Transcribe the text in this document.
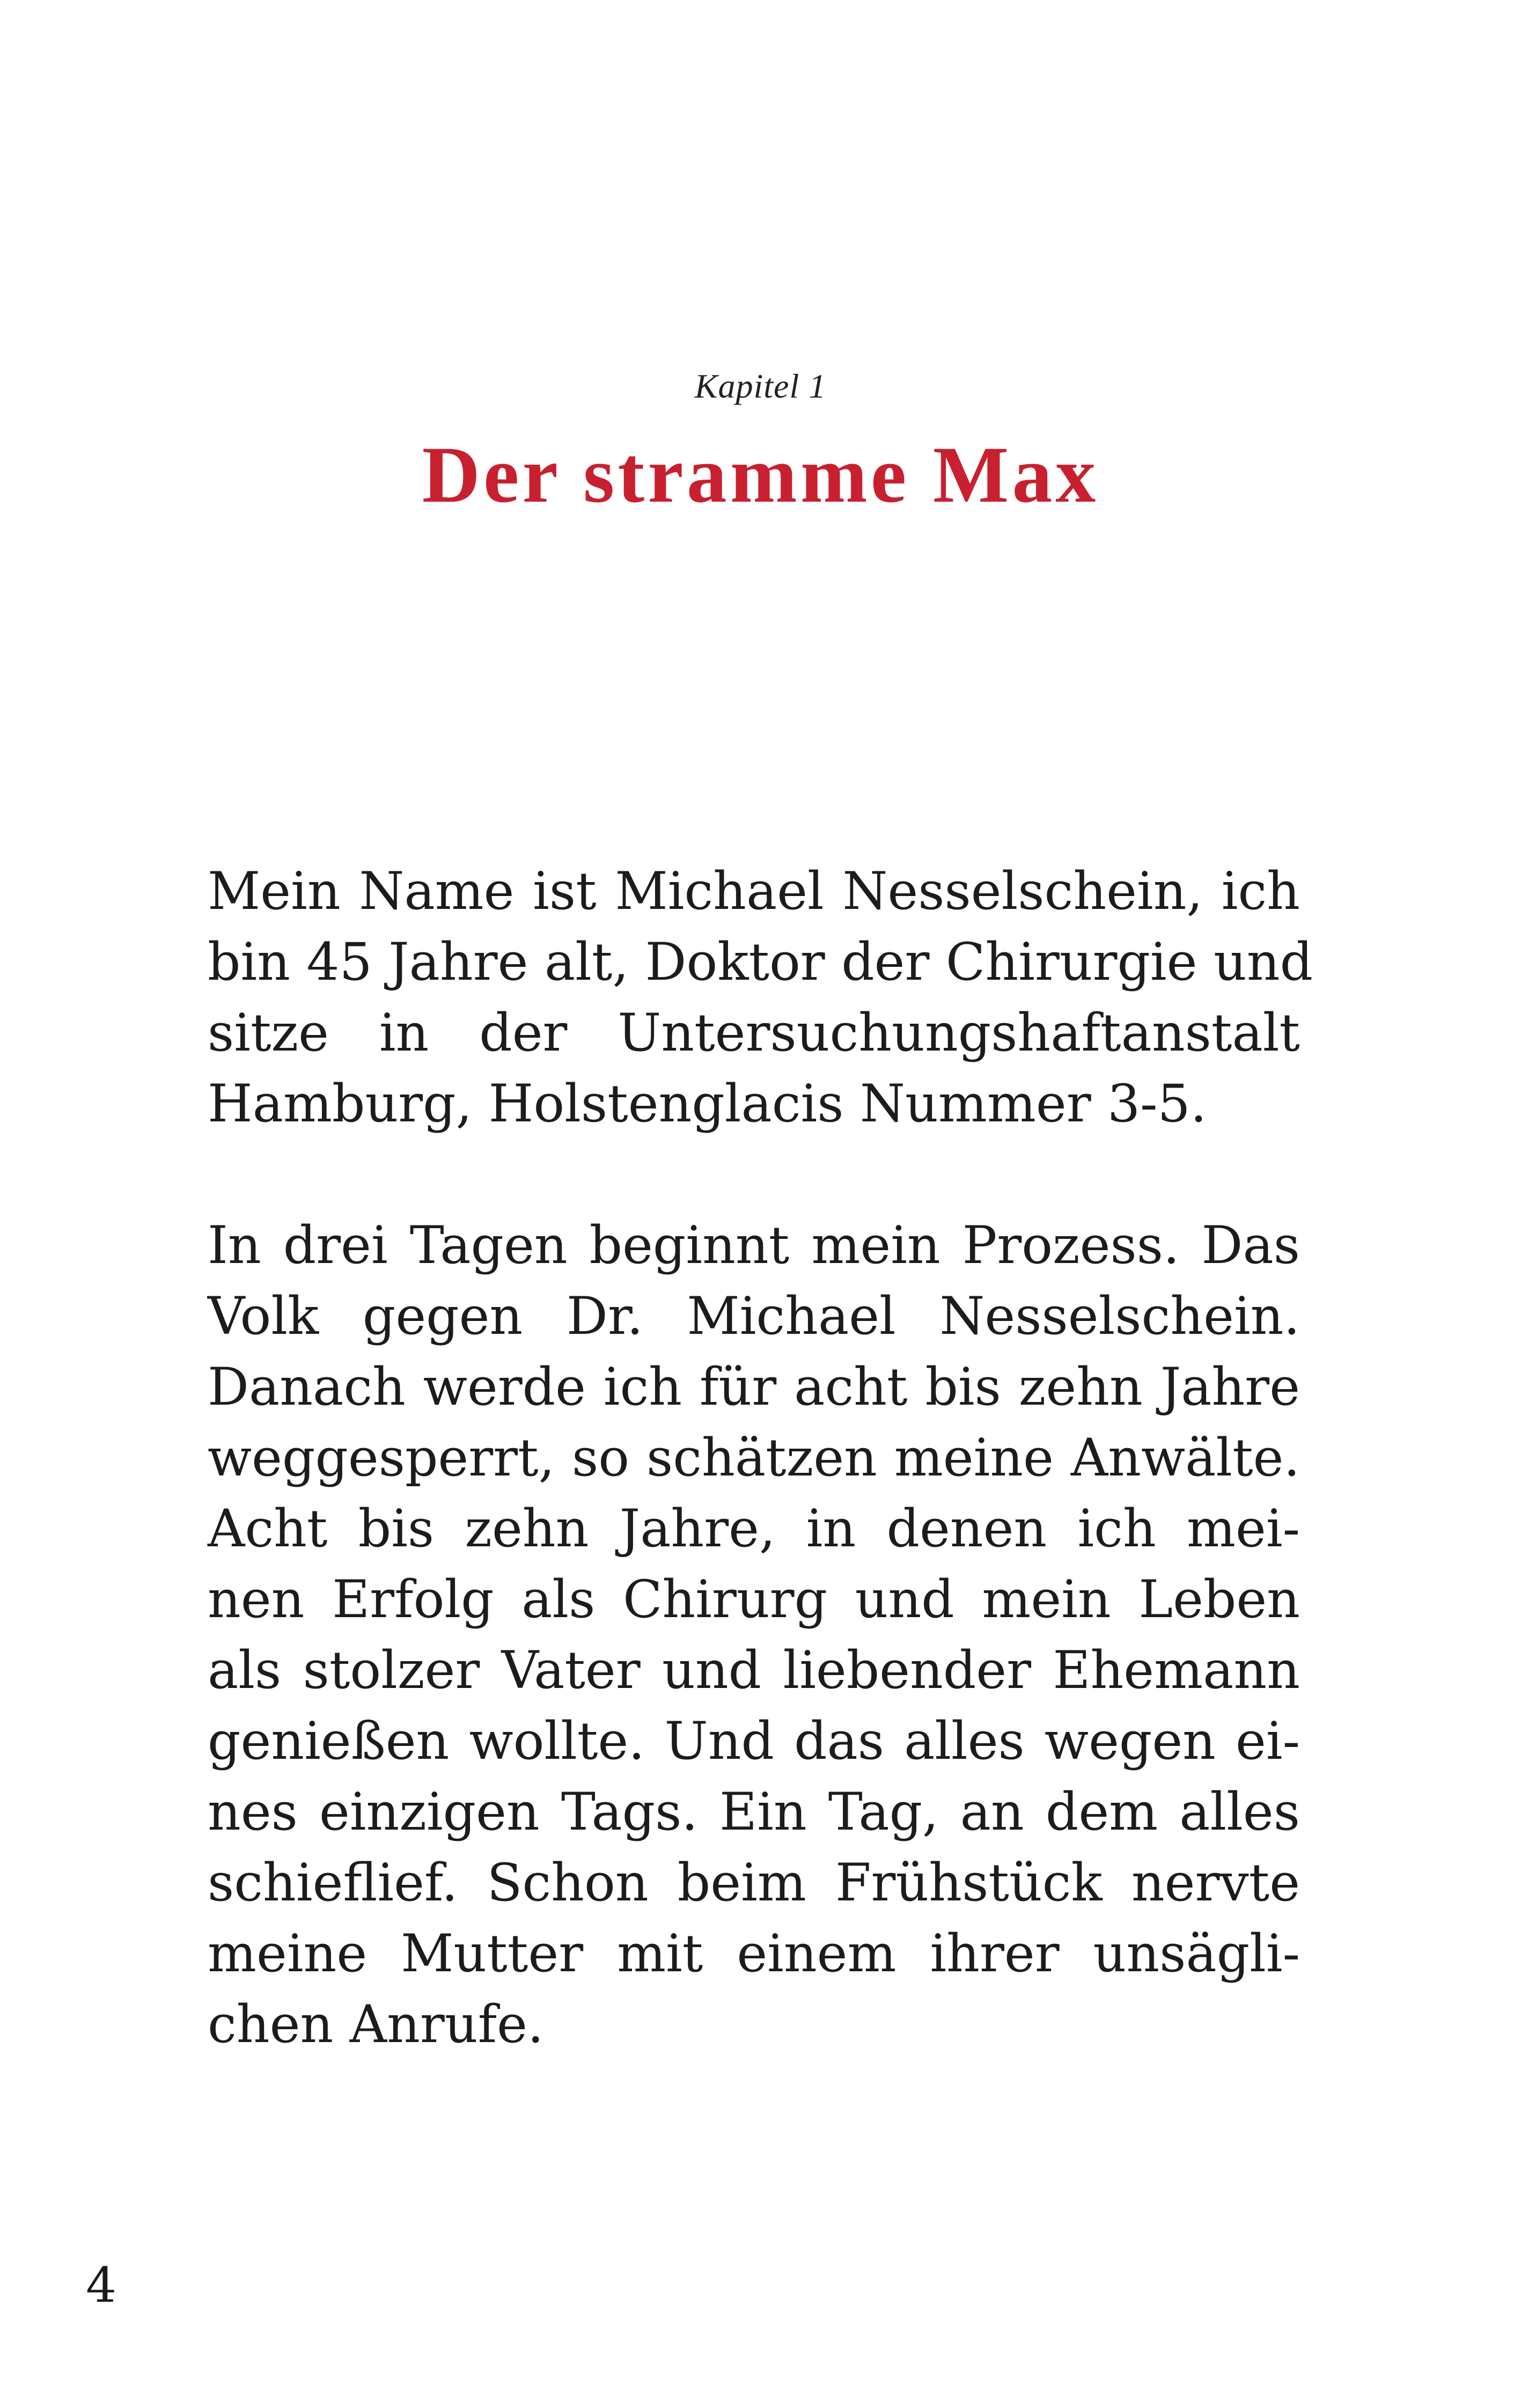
Kapitel 1
Der stramme Max
Mein Name ist Michael Nesselschein, ich
bin 45 Jahre alt, Doktor der Chirurgie und
sitze in der Untersuchungshaftanstalt
Hamburg, Holstenglacis Nummer 3-5.
In drei Tagen beginnt mein Prozess. Das
Volk gegen Dr. Michael Nesselschein.
Danach werde ich für acht bis zehn Jahre
weggesperrt, so schätzen meine Anwälte.
Acht bis zehn Jahre, in denen ich mei-
nen Erfolg als Chirurg und mein Leben
als stolzer Vater und liebender Ehemann
genießen wollte. Und das alles wegen ei-
nes einzigen Tags. Ein Tag, an dem alles
schieflief. Schon beim Frühstück nervte
meine Mutter mit einem ihrer unsägli-
chen Anrufe.
4
